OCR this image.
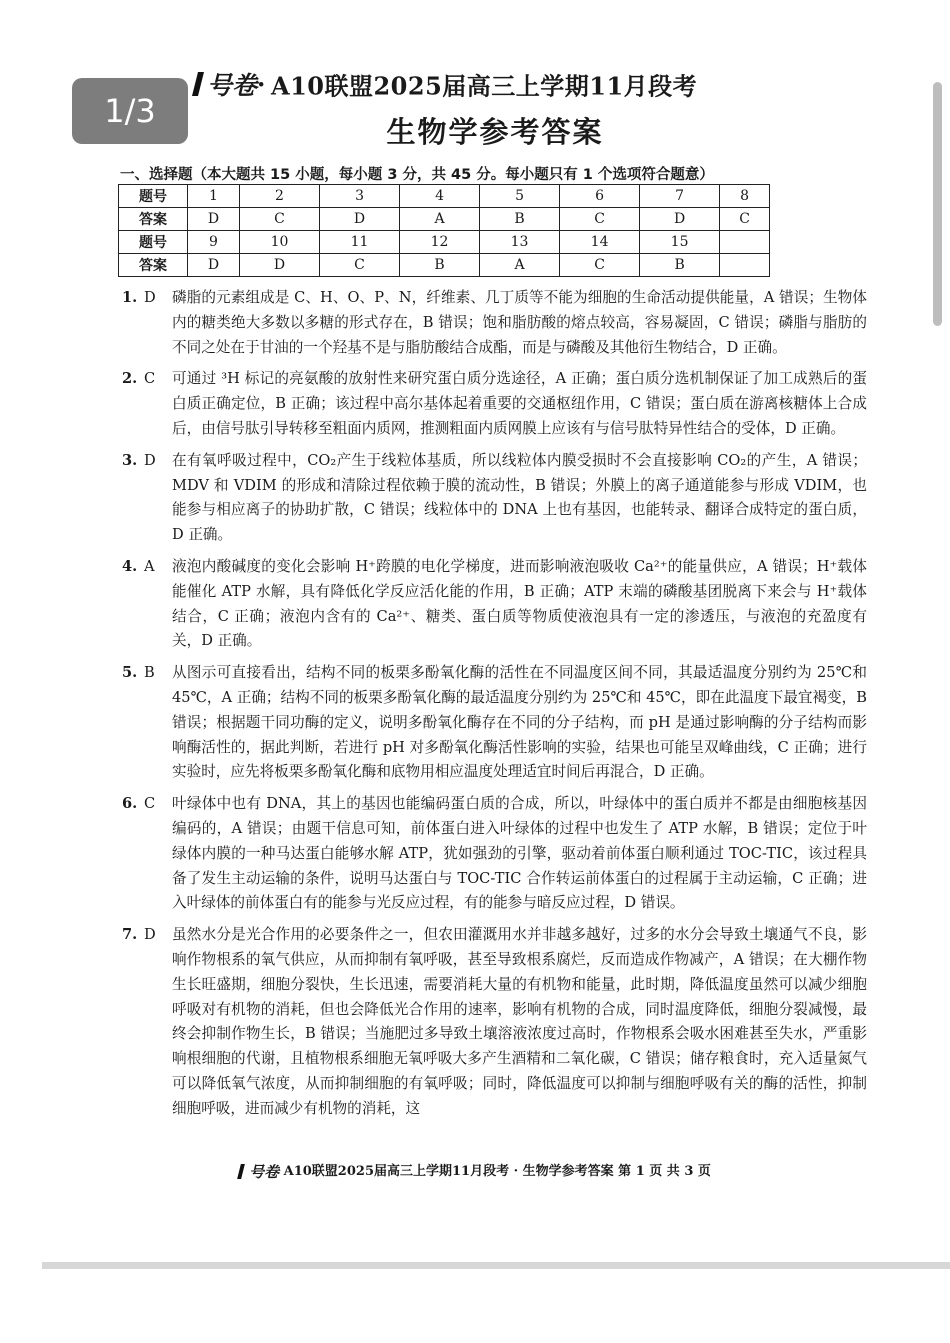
1/3
号卷· A10联盟2025届高三上学期11月段考
生物学参考答案
一、选择题（本大题共 15 小题，每小题 3 分，共 45 分。每小题只有 1 个选项符合题意）
题号	1	2	3	4	5	6	7	8
答案	D	C	D	A	B	C	D	C
题号	9	10	11	12	13	14	15	
答案	D	D	C	B	A	C	B	
1. D	磷脂的元素组成是 C、H、O、P、N，纤维素、几丁质等不能为细胞的生命活动提供能量，A 错误；生物体内的糖类绝大多数以多糖的形式存在，B 错误；饱和脂肪酸的熔点较高，容易凝固，C 错误；磷脂与脂肪的不同之处在于甘油的一个羟基不是与脂肪酸结合成酯，而是与磷酸及其他衍生物结合，D 正确。
2. C	可通过 ³H 标记的亮氨酸的放射性来研究蛋白质分选途径，A 正确；蛋白质分选机制保证了加工成熟后的蛋白质正确定位，B 正确；该过程中高尔基体起着重要的交通枢纽作用，C 错误；蛋白质在游离核糖体上合成后，由信号肽引导转移至粗面内质网，推测粗面内质网膜上应该有与信号肽特异性结合的受体，D 正确。
3. D	在有氧呼吸过程中，CO₂产生于线粒体基质，所以线粒体内膜受损时不会直接影响 CO₂的产生，A 错误；MDV 和 VDIM 的形成和清除过程依赖于膜的流动性，B 错误；外膜上的离子通道能参与形成 VDIM，也能参与相应离子的协助扩散，C 错误；线粒体中的 DNA 上也有基因，也能转录、翻译合成特定的蛋白质，D 正确。
4. A	液泡内酸碱度的变化会影响 H⁺跨膜的电化学梯度，进而影响液泡吸收 Ca²⁺的能量供应，A 错误；H⁺载体能催化 ATP 水解，具有降低化学反应活化能的作用，B 正确；ATP 末端的磷酸基团脱离下来会与 H⁺载体结合，C 正确；液泡内含有的 Ca²⁺、糖类、蛋白质等物质使液泡具有一定的渗透压，与液泡的充盈度有关，D 正确。
5. B	从图示可直接看出，结构不同的板栗多酚氧化酶的活性在不同温度区间不同，其最适温度分别约为 25℃和 45℃，A 正确；结构不同的板栗多酚氧化酶的最适温度分别约为 25℃和 45℃，即在此温度下最宜褐变，B 错误；根据题干同功酶的定义，说明多酚氧化酶存在不同的分子结构，而 pH 是通过影响酶的分子结构而影响酶活性的，据此判断，若进行 pH 对多酚氧化酶活性影响的实验，结果也可能呈双峰曲线，C 正确；进行实验时，应先将板栗多酚氧化酶和底物用相应温度处理适宜时间后再混合，D 正确。
6. C	叶绿体中也有 DNA，其上的基因也能编码蛋白质的合成，所以，叶绿体中的蛋白质并不都是由细胞核基因编码的，A 错误；由题干信息可知，前体蛋白进入叶绿体的过程中也发生了 ATP 水解，B 错误；定位于叶绿体内膜的一种马达蛋白能够水解 ATP，犹如强劲的引擎，驱动着前体蛋白顺利通过 TOC-TIC，该过程具备了发生主动运输的条件，说明马达蛋白与 TOC-TIC 合作转运前体蛋白的过程属于主动运输，C 正确；进入叶绿体的前体蛋白有的能参与光反应过程，有的能参与暗反应过程，D 错误。
7. D	虽然水分是光合作用的必要条件之一，但农田灌溉用水并非越多越好，过多的水分会导致土壤通气不良，影响作物根系的氧气供应，从而抑制有氧呼吸，甚至导致根系腐烂，反而造成作物减产，A 错误；在大棚作物生长旺盛期，细胞分裂快，生长迅速，需要消耗大量的有机物和能量，此时期，降低温度虽然可以减少细胞呼吸对有机物的消耗，但也会降低光合作用的速率，影响有机物的合成，同时温度降低，细胞分裂减慢，最终会抑制作物生长，B 错误；当施肥过多导致土壤溶液浓度过高时，作物根系会吸水困难甚至失水，严重影响根细胞的代谢，且植物根系细胞无氧呼吸大多产生酒精和二氧化碳，C 错误；储存粮食时，充入适量氮气可以降低氧气浓度，从而抑制细胞的有氧呼吸；同时，降低温度可以抑制与细胞呼吸有关的酶的活性，抑制细胞呼吸，进而减少有机物的消耗，这
号卷 A10联盟2025届高三上学期11月段考 · 生物学参考答案 第 1 页 共 3 页
